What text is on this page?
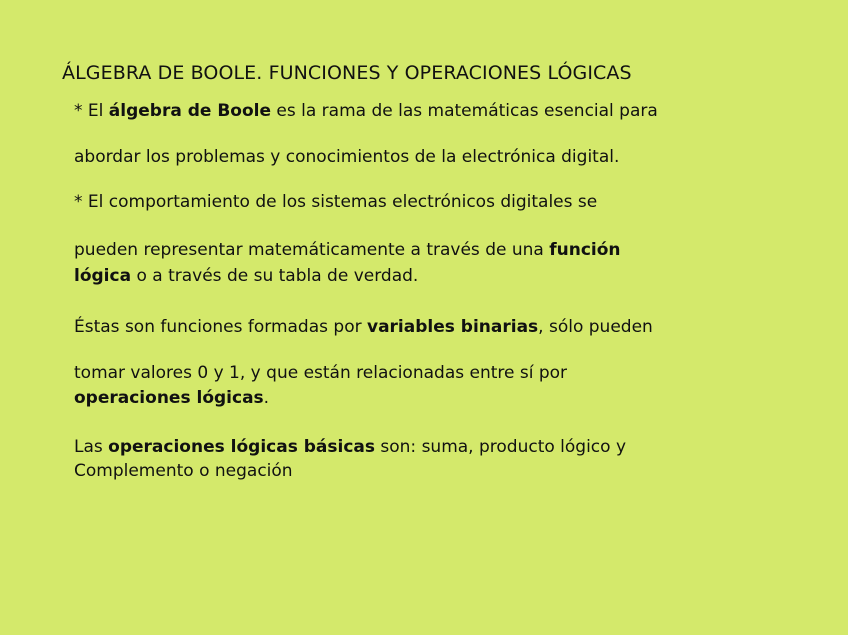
ÁLGEBRA DE BOOLE. FUNCIONES Y OPERACIONES LÓGICAS
* El álgebra de Boole es la rama de las matemáticas esencial para
abordar los problemas y conocimientos de la electrónica digital.
* El comportamiento de los sistemas electrónicos digitales se
pueden representar matemáticamente a través de una función
lógica o a través de su tabla de verdad.
Éstas son funciones formadas por variables binarias, sólo pueden
tomar valores 0 y 1, y que están relacionadas entre sí por
operaciones lógicas.
Las operaciones lógicas básicas son: suma, producto lógico y
Complemento o negación
